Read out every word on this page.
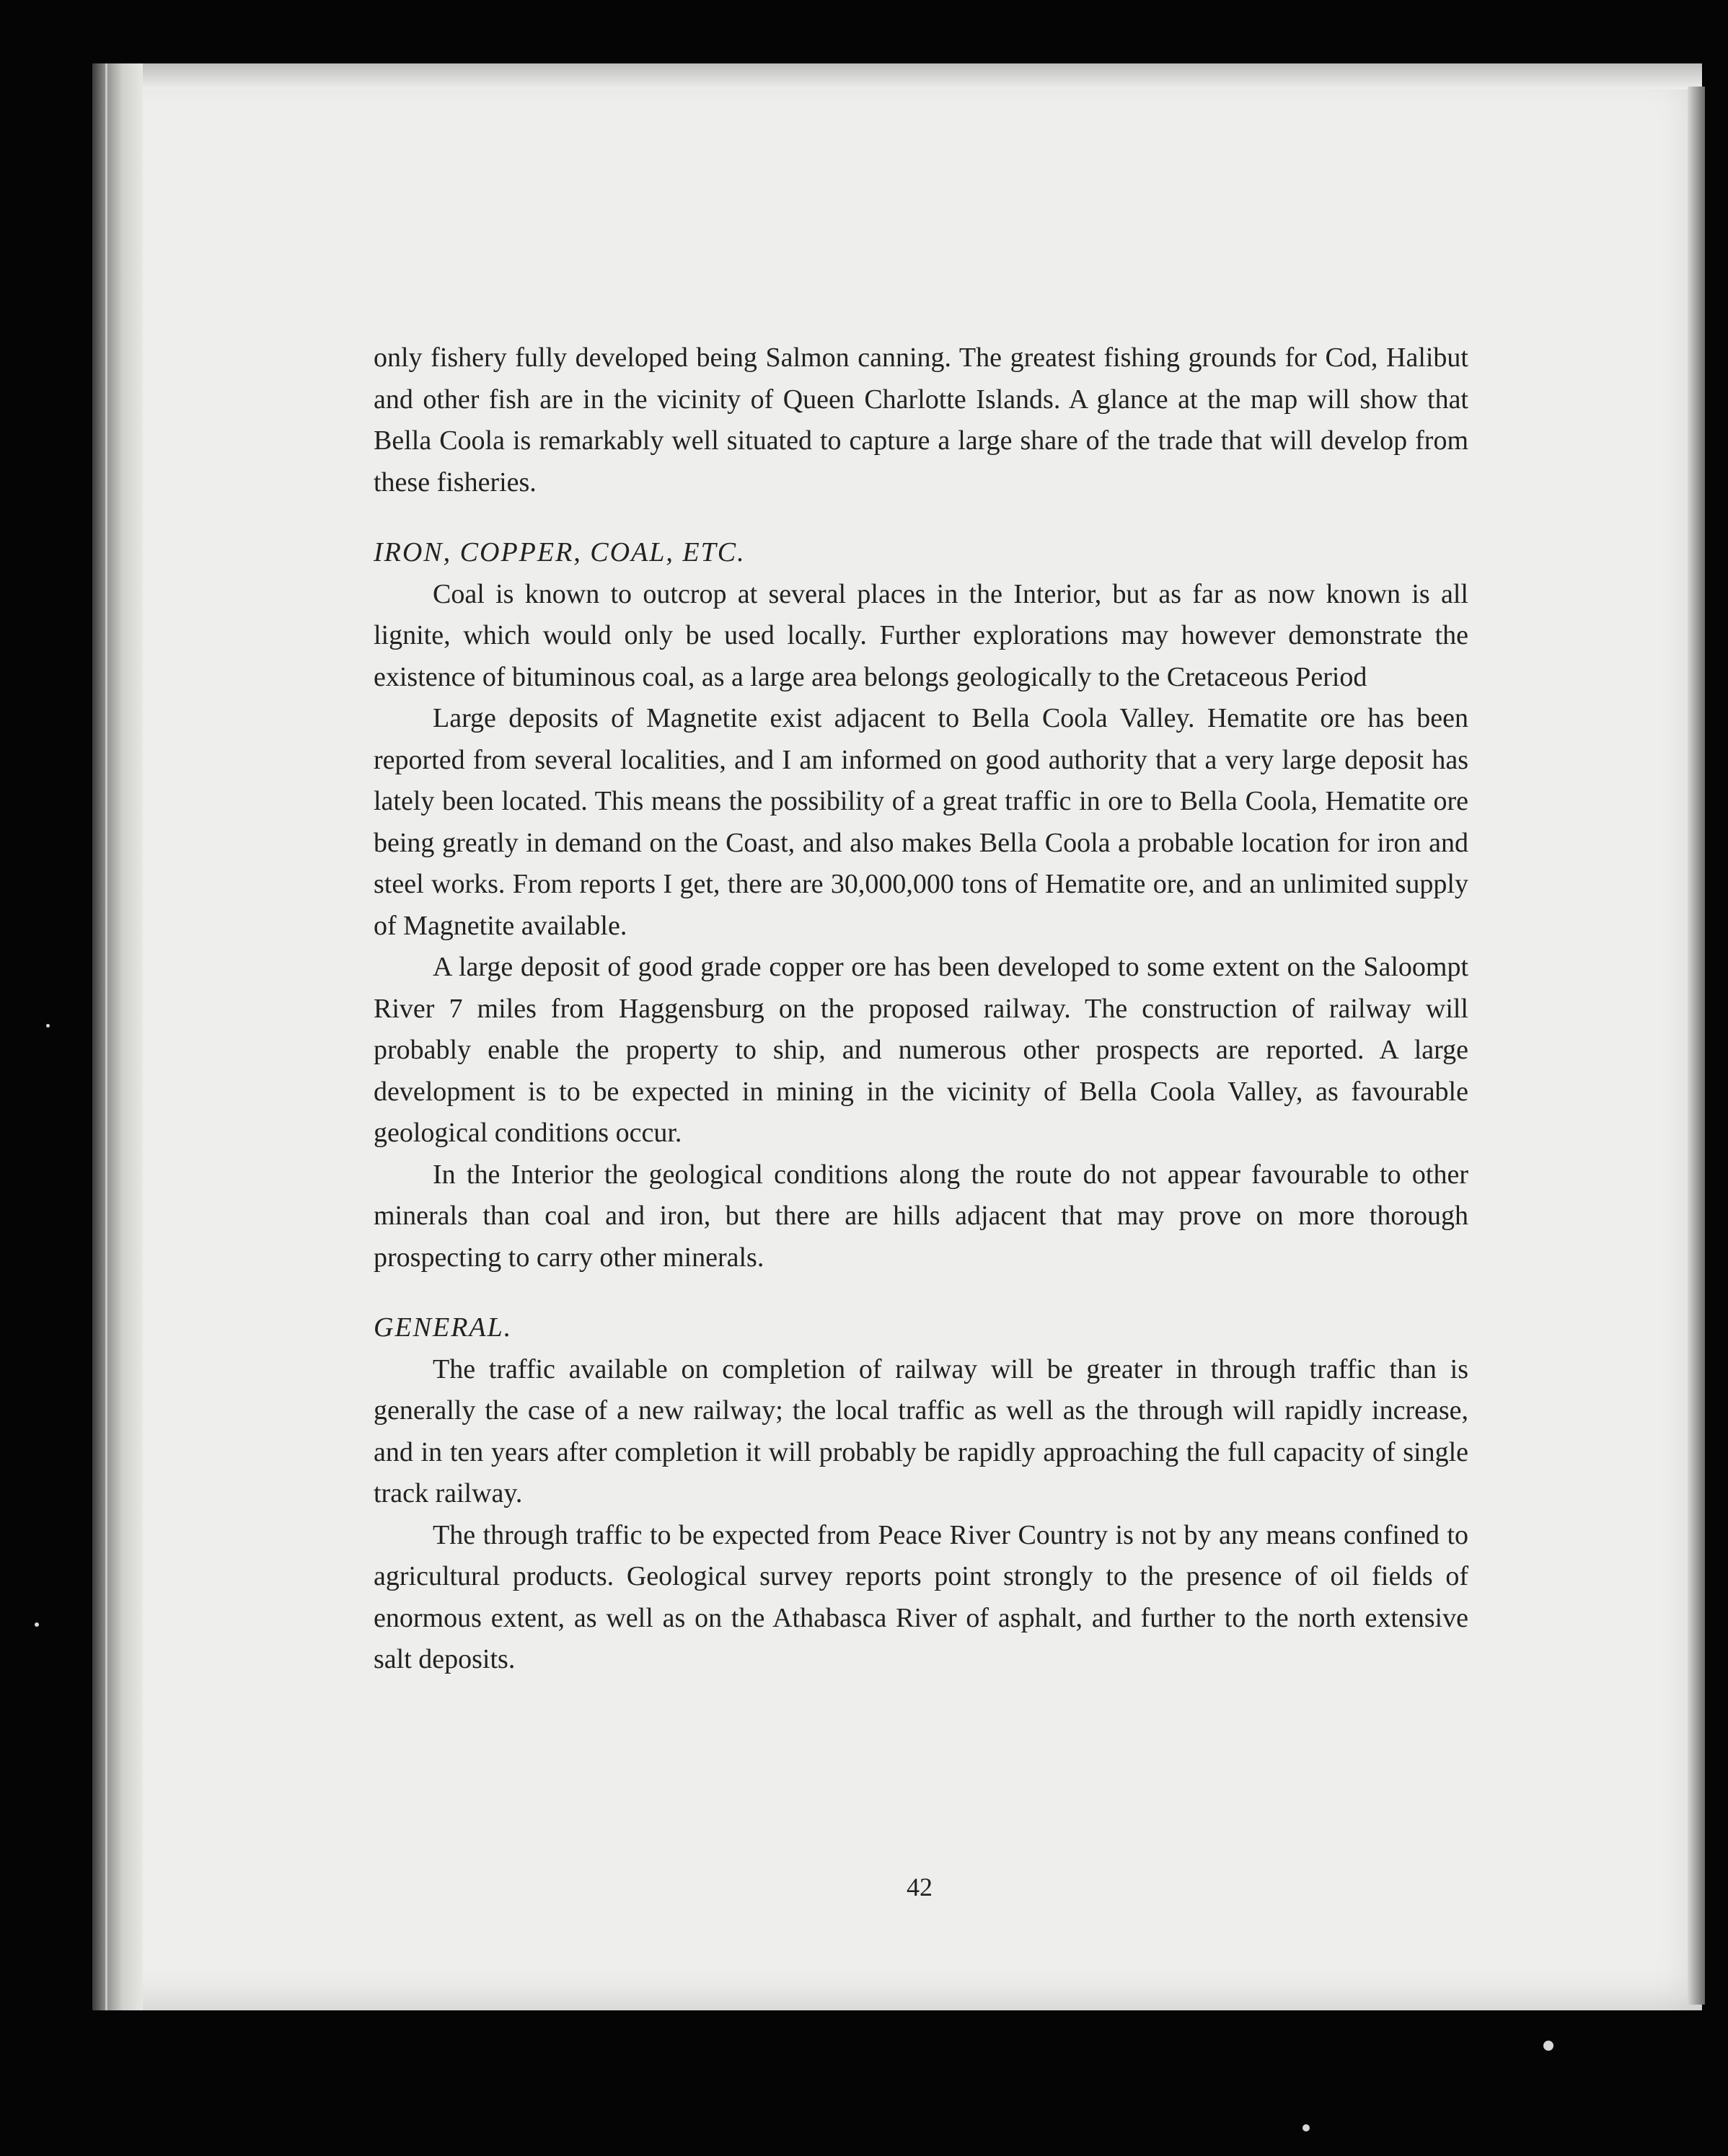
only fishery fully developed being Salmon canning. The greatest fishing grounds for Cod, Halibut and other fish are in the vicinity of Queen Charlotte Islands. A glance at the map will show that Bella Coola is remarkably well situated to capture a large share of the trade that will develop from these fisheries.

IRON, COPPER, COAL, ETC.

Coal is known to outcrop at several places in the Interior, but as far as now known is all lignite, which would only be used locally. Further explorations may however demonstrate the existence of bituminous coal, as a large area belongs geologically to the Cretaceous Period

Large deposits of Magnetite exist adjacent to Bella Coola Valley. Hematite ore has been reported from several localities, and I am informed on good authority that a very large deposit has lately been located. This means the possibility of a great traffic in ore to Bella Coola, Hematite ore being greatly in demand on the Coast, and also makes Bella Coola a probable location for iron and steel works. From reports I get, there are 30,000,000 tons of Hematite ore, and an unlimited supply of Magnetite available.

A large deposit of good grade copper ore has been developed to some extent on the Saloompt River 7 miles from Haggensburg on the proposed railway. The construction of railway will probably enable the property to ship, and numerous other prospects are reported. A large development is to be expected in mining in the vicinity of Bella Coola Valley, as favourable geological conditions occur.

In the Interior the geological conditions along the route do not appear favourable to other minerals than coal and iron, but there are hills adjacent that may prove on more thorough prospecting to carry other minerals.

GENERAL.

The traffic available on completion of railway will be greater in through traffic than is generally the case of a new railway; the local traffic as well as the through will rapidly increase, and in ten years after completion it will probably be rapidly approaching the full capacity of single track railway.

The through traffic to be expected from Peace River Country is not by any means confined to agricultural products. Geological survey reports point strongly to the presence of oil fields of enormous extent, as well as on the Athabasca River of asphalt, and further to the north extensive salt deposits.

42
